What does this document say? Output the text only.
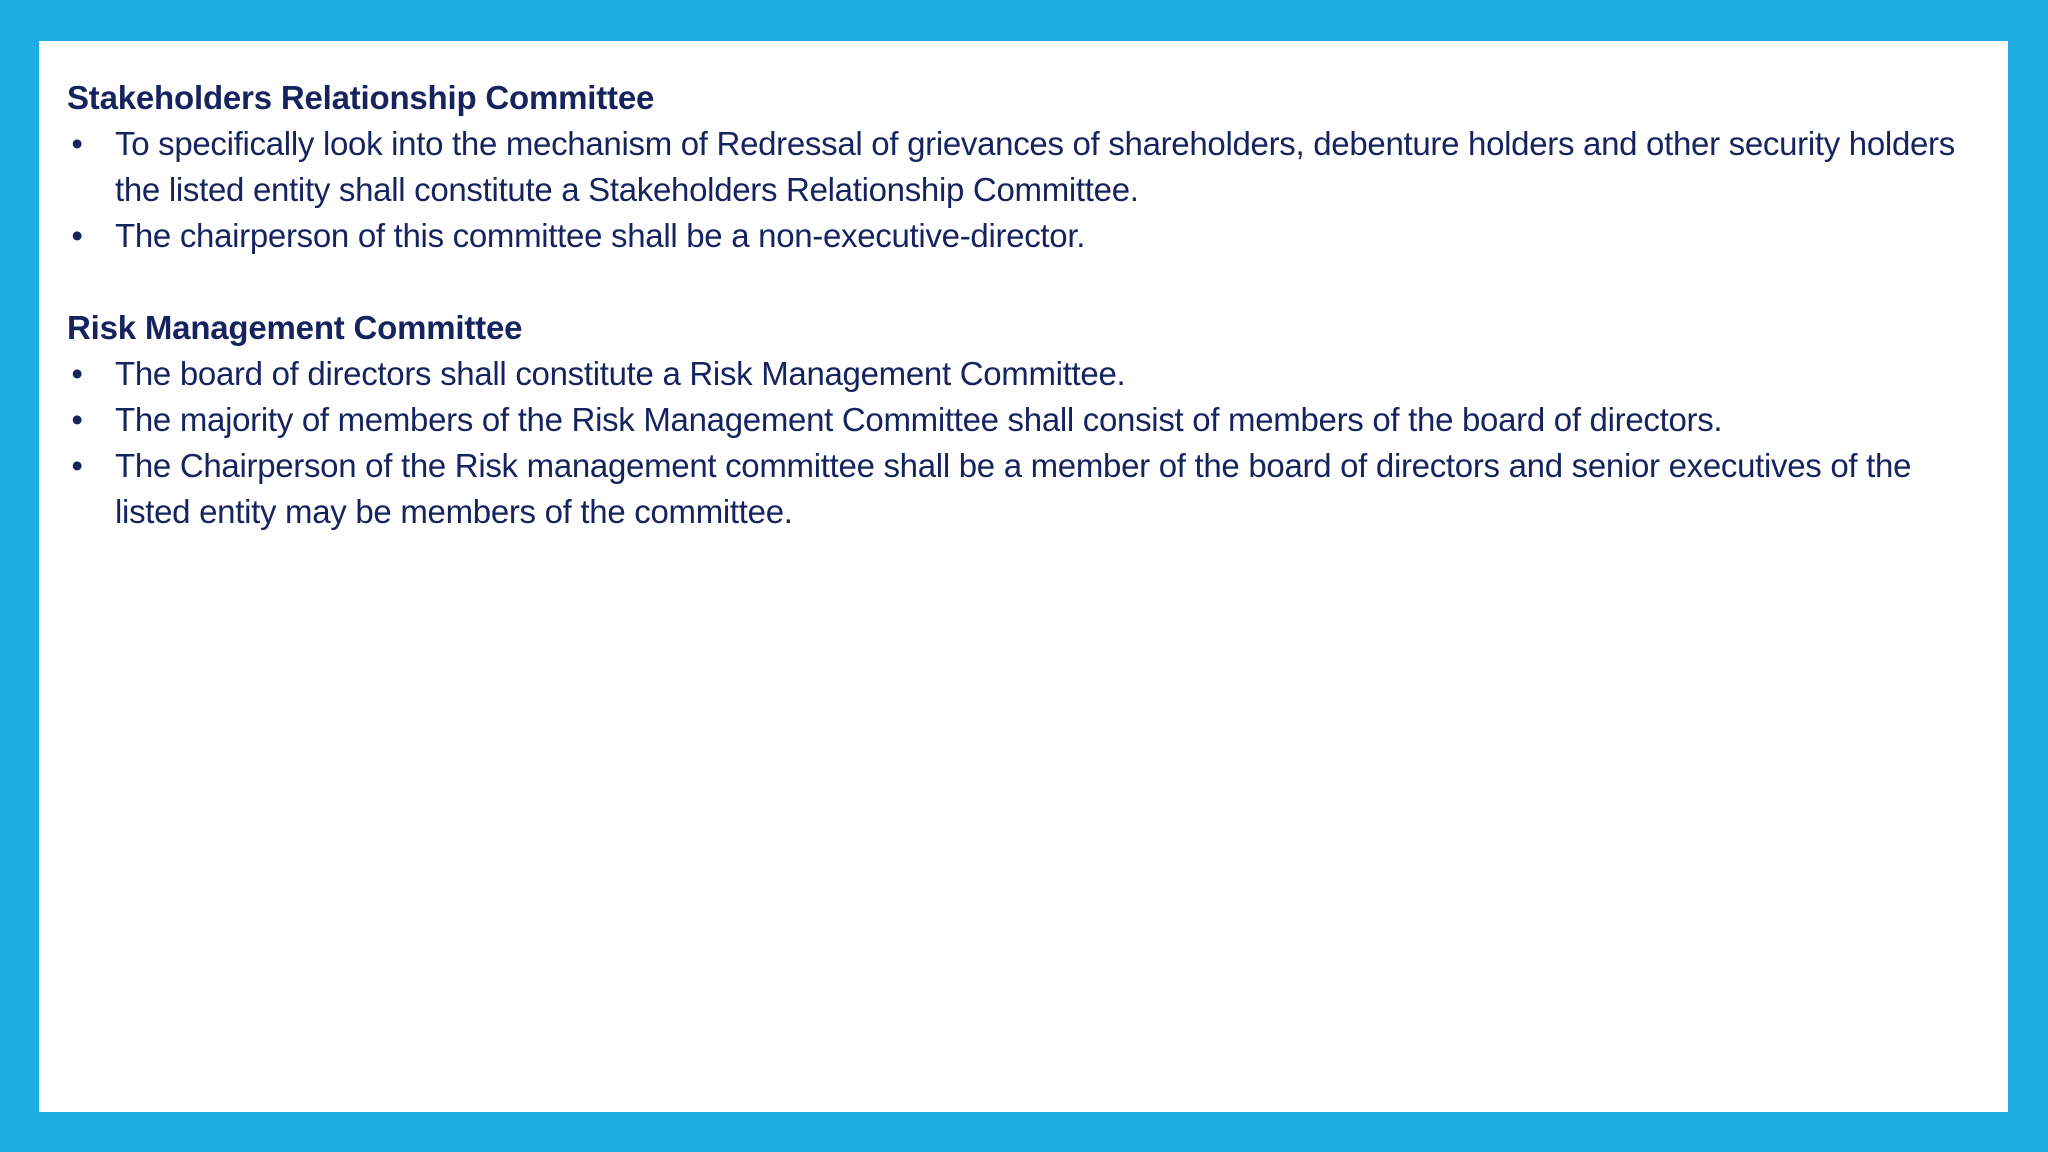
Stakeholders Relationship Committee
• To specifically look into the mechanism of Redressal of grievances of shareholders, debenture holders and other security holders the listed entity shall constitute a Stakeholders Relationship Committee.
• The chairperson of this committee shall be a non-executive-director.
Risk Management Committee
• The board of directors shall constitute a Risk Management Committee.
• The majority of members of the Risk Management Committee shall consist of members of the board of directors.
• The Chairperson of the Risk management committee shall be a member of the board of directors and senior executives of the listed entity may be members of the committee.
